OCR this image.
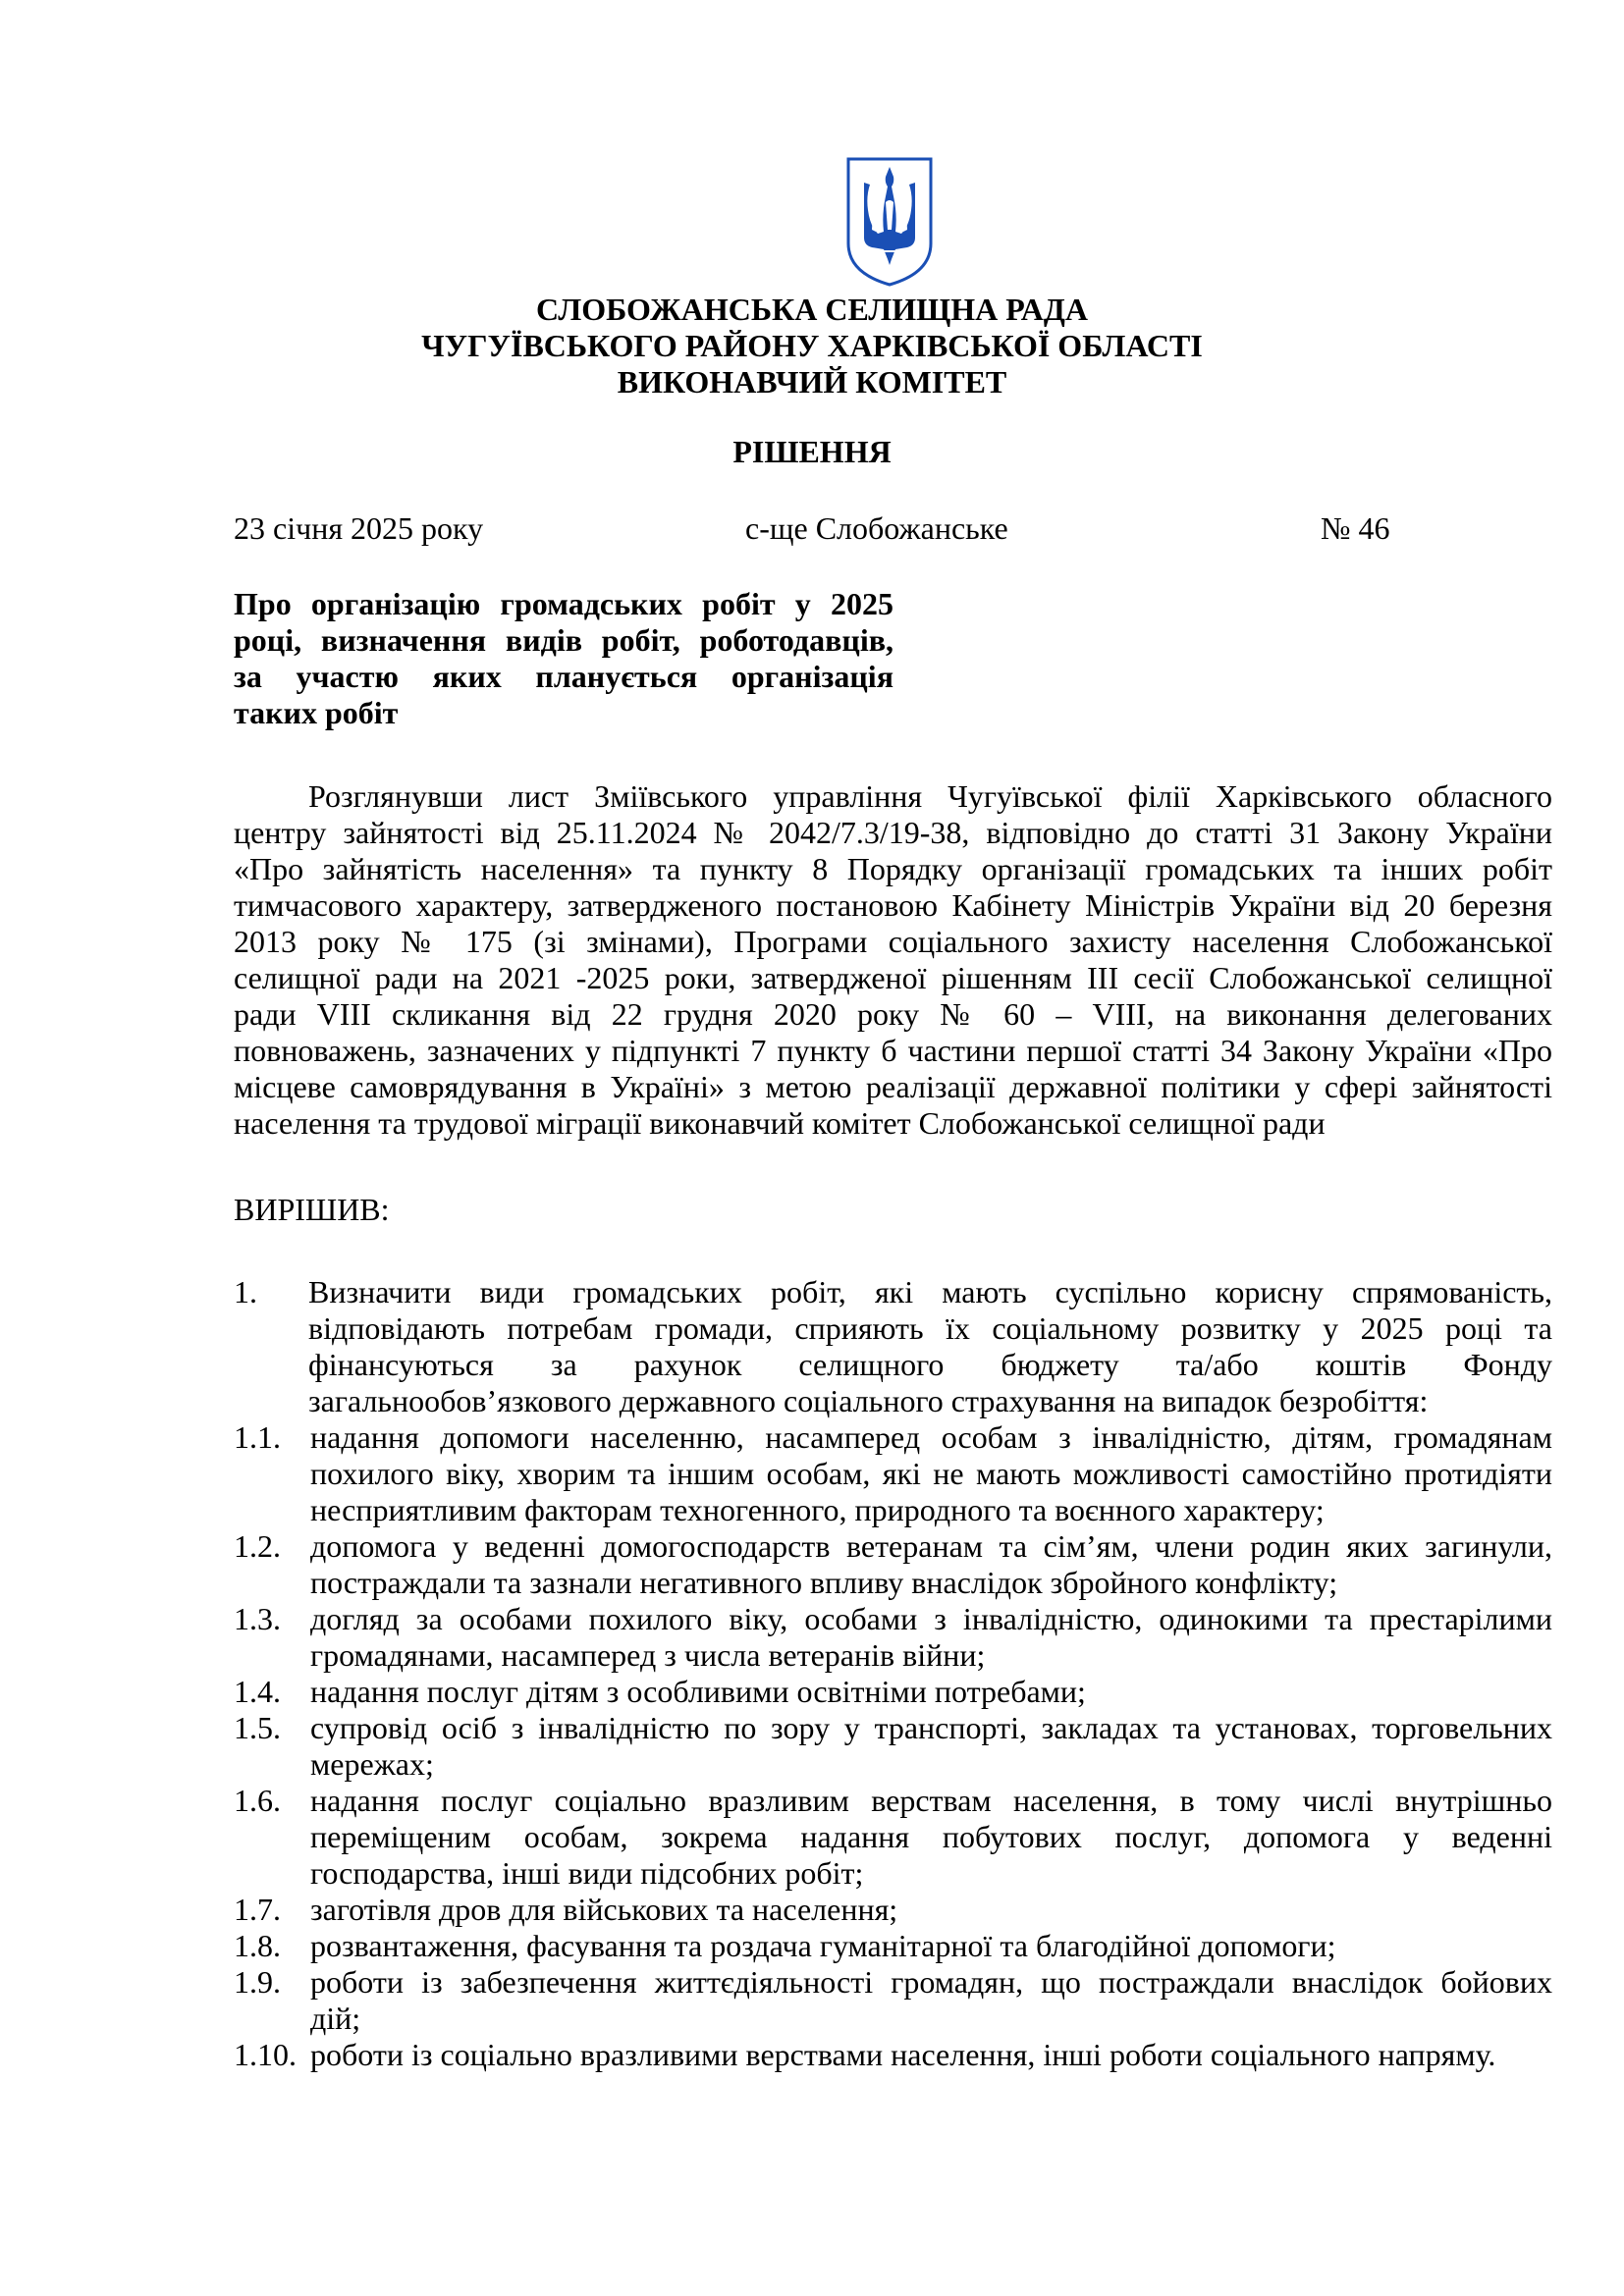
СЛОБОЖАНСЬКА СЕЛИЩНА РАДА
ЧУГУЇВСЬКОГО РАЙОНУ ХАРКІВСЬКОЇ ОБЛАСТІ
ВИКОНАВЧИЙ КОМІТЕТ
РІШЕННЯ
23 січня 2025 року	с-ще Слобожанське	№ 46
Про організацію громадських робіт у 2025
році, визначення видів робіт, роботодавців,
за участю яких планується організація
таких робіт
Розглянувши лист Зміївського управління Чугуївської філії Харківського обласного
центру зайнятості від 25.11.2024 № 2042/7.3/19-38, відповідно до статті 31 Закону України
«Про зайнятість населення» та пункту 8 Порядку організації громадських та інших робіт
тимчасового характеру, затвердженого постановою Кабінету Міністрів України від 20 березня
2013 року № 175 (зі змінами), Програми соціального захисту населення Слобожанської
селищної ради на 2021 -2025 роки, затвердженої рішенням ІІІ сесії Слобожанської селищної
ради VIII скликання від 22 грудня 2020 року № 60 – VIII, на виконання делегованих
повноважень, зазначених у підпункті 7 пункту б частини першої статті 34 Закону України «Про
місцеве самоврядування в Україні» з метою реалізації державної політики у сфері зайнятості
населення та трудової міграції виконавчий комітет Слобожанської селищної ради
ВИРІШИВ:
1. Визначити види громадських робіт, які мають суспільно корисну спрямованість,
відповідають потребам громади, сприяють їх соціальному розвитку у 2025 році та
фінансуються за рахунок селищного бюджету та/або коштів Фонду
загальнообов’язкового державного соціального страхування на випадок безробіття:
1.1. надання допомоги населенню, насамперед особам з інвалідністю, дітям, громадянам
похилого віку, хворим та іншим особам, які не мають можливості самостійно протидіяти
несприятливим факторам техногенного, природного та воєнного характеру;
1.2. допомога у веденні домогосподарств ветеранам та сім’ям, члени родин яких загинули,
постраждали та зазнали негативного впливу внаслідок збройного конфлікту;
1.3. догляд за особами похилого віку, особами з інвалідністю, одинокими та престарілими
громадянами, насамперед з числа ветеранів війни;
1.4. надання послуг дітям з особливими освітніми потребами;
1.5. супровід осіб з інвалідністю по зору у транспорті, закладах та установах, торговельних
мережах;
1.6. надання послуг соціально вразливим верствам населення, в тому числі внутрішньо
переміщеним особам, зокрема надання побутових послуг, допомога у веденні
господарства, інші види підсобних робіт;
1.7. заготівля дров для військових та населення;
1.8. розвантаження, фасування та роздача гуманітарної та благодійної допомоги;
1.9. роботи із забезпечення життєдіяльності громадян, що постраждали внаслідок бойових
дій;
1.10. роботи із соціально вразливими верствами населення, інші роботи соціального напряму.
